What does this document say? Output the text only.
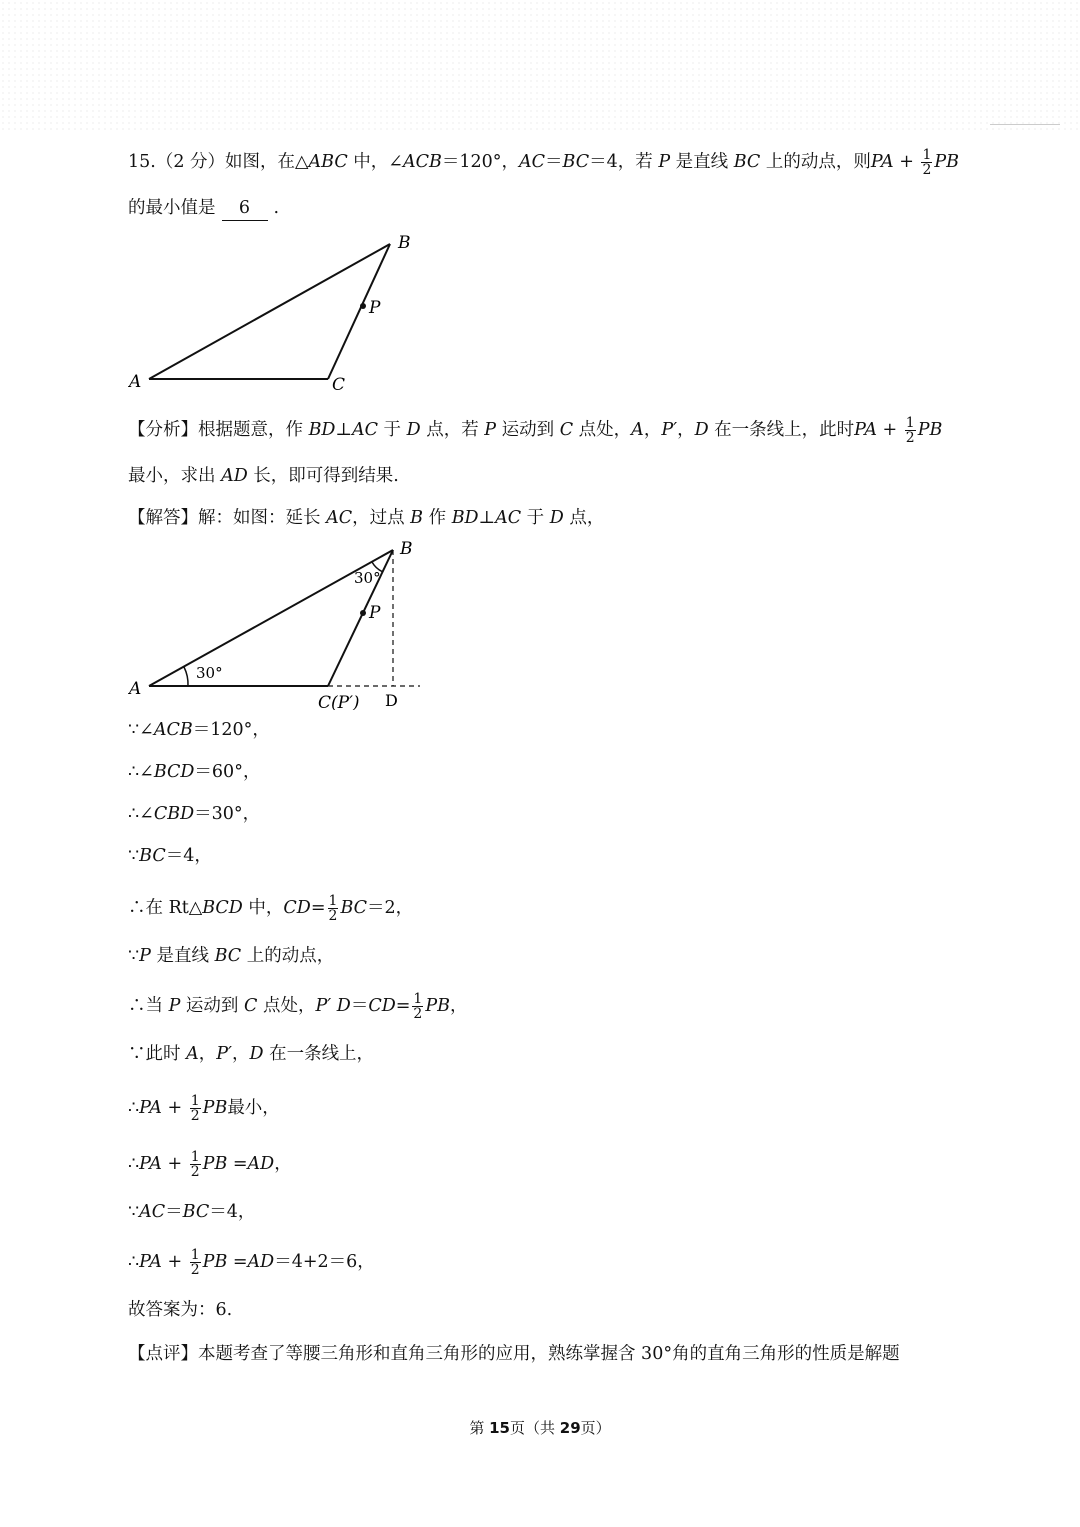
15.（2 分）如图，在△ABC 中，∠ACB＝120°，AC＝BC＝4，若 P 是直线 BC 上的动点，则PA + $\frac{1}{2}$ PB
的最小值是 6 .
A
B
C
P
【分析】根据题意，作 BD⊥AC 于 D 点，若 P 运动到 C 点处，A，P′，D 在一条线上，此时PA + $\frac{1}{2}$ PB
最小，求出 AD 长，即可得到结果.
【解答】解：如图：延长 AC，过点 B 作 BD⊥AC 于 D 点，
A
B
C (P′)
P
D
30°
30°
∵∠ACB＝120°，
∴∠BCD＝60°，
∴∠CBD＝30°，
∵BC＝4，
∴在 Rt△BCD 中，$CD= \frac{1}{2} BC=2$，
∵P 是直线 BC 上的动点，
∴当 P 运动到 C 点处，P′ $D=CD= \frac{1}{2}$ PB，
∵此时 A，P′，D 在一条线上，
∴PA + $\frac{1}{2}$ PB最小，
∴PA + $\frac{1}{2}$ PB =AD，
∵AC＝BC＝4，
∴PA + $\frac{1}{2}$ PB =AD＝4+2＝6，
故答案为：6.
【点评】本题考查了等腰三角形和直角三角形的应用，熟练掌握含 30°角的直角三角形的性质是解题
第 15页（共 29页）
